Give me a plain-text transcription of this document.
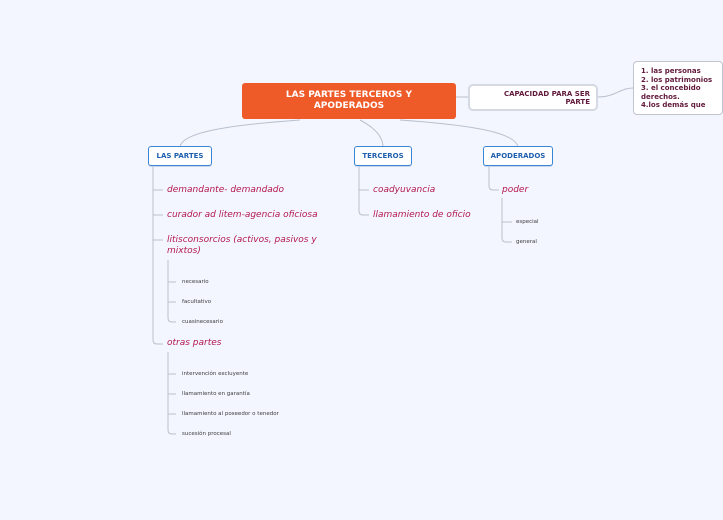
LAS PARTES TERCEROS Y APODERADOS
CAPACIDAD PARA SER PARTE
1. las personas
2. los patrimonios
3. el concebido
derechos.
4.los demás que
LAS PARTES	TERCEROS	APODERADOS
demandante- demandado
curador ad litem-agencia oficiosa
litisconsorcios (activos, pasivos y mixtos)
necesario
facultativo
cuasinecesario
otras partes
intervención excluyente
llamamiento en garantía
llamamiento al poseedor o tenedor
sucesión procesal
coadyuvancia
llamamiento de oficio
poder
especial
general
